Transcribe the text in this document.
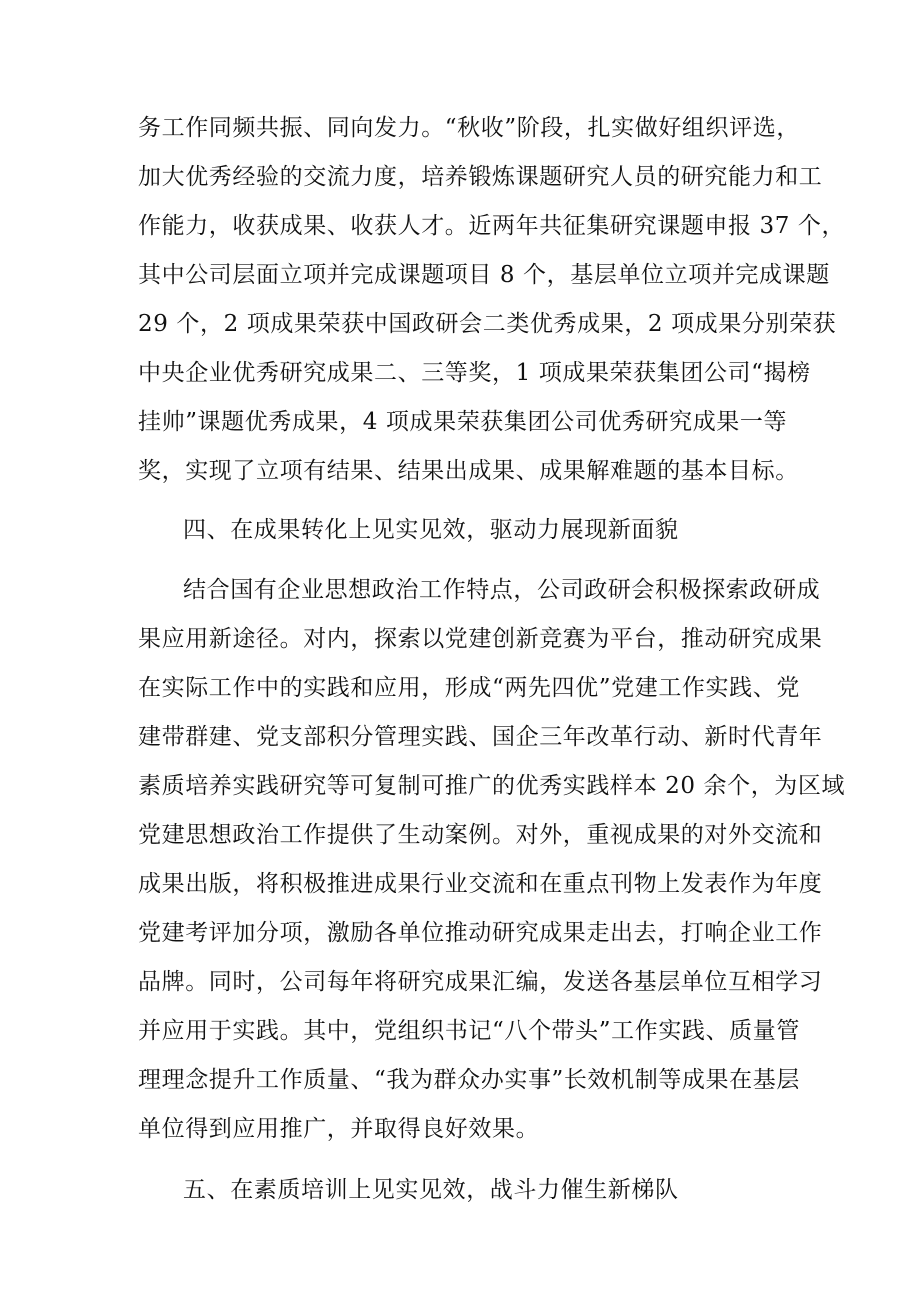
务工作同频共振、同向发力。“秋收”阶段，扎实做好组织评选，
加大优秀经验的交流力度，培养锻炼课题研究人员的研究能力和工
作能力，收获成果、收获人才。近两年共征集研究课题申报 37 个，
其中公司层面立项并完成课题项目 8 个，基层单位立项并完成课题
29 个，2 项成果荣获中国政研会二类优秀成果，2 项成果分别荣获
中央企业优秀研究成果二、三等奖，1 项成果荣获集团公司“揭榜
挂帅”课题优秀成果，4 项成果荣获集团公司优秀研究成果一等
奖，实现了立项有结果、结果出成果、成果解难题的基本目标。
四、在成果转化上见实见效，驱动力展现新面貌
结合国有企业思想政治工作特点，公司政研会积极探索政研成
果应用新途径。对内，探索以党建创新竞赛为平台，推动研究成果
在实际工作中的实践和应用，形成“两先四优”党建工作实践、党
建带群建、党支部积分管理实践、国企三年改革行动、新时代青年
素质培养实践研究等可复制可推广的优秀实践样本 20 余个，为区域
党建思想政治工作提供了生动案例。对外，重视成果的对外交流和
成果出版，将积极推进成果行业交流和在重点刊物上发表作为年度
党建考评加分项，激励各单位推动研究成果走出去，打响企业工作
品牌。同时，公司每年将研究成果汇编，发送各基层单位互相学习
并应用于实践。其中，党组织书记“八个带头”工作实践、质量管
理理念提升工作质量、“我为群众办实事”长效机制等成果在基层
单位得到应用推广，并取得良好效果。
五、在素质培训上见实见效，战斗力催生新梯队
